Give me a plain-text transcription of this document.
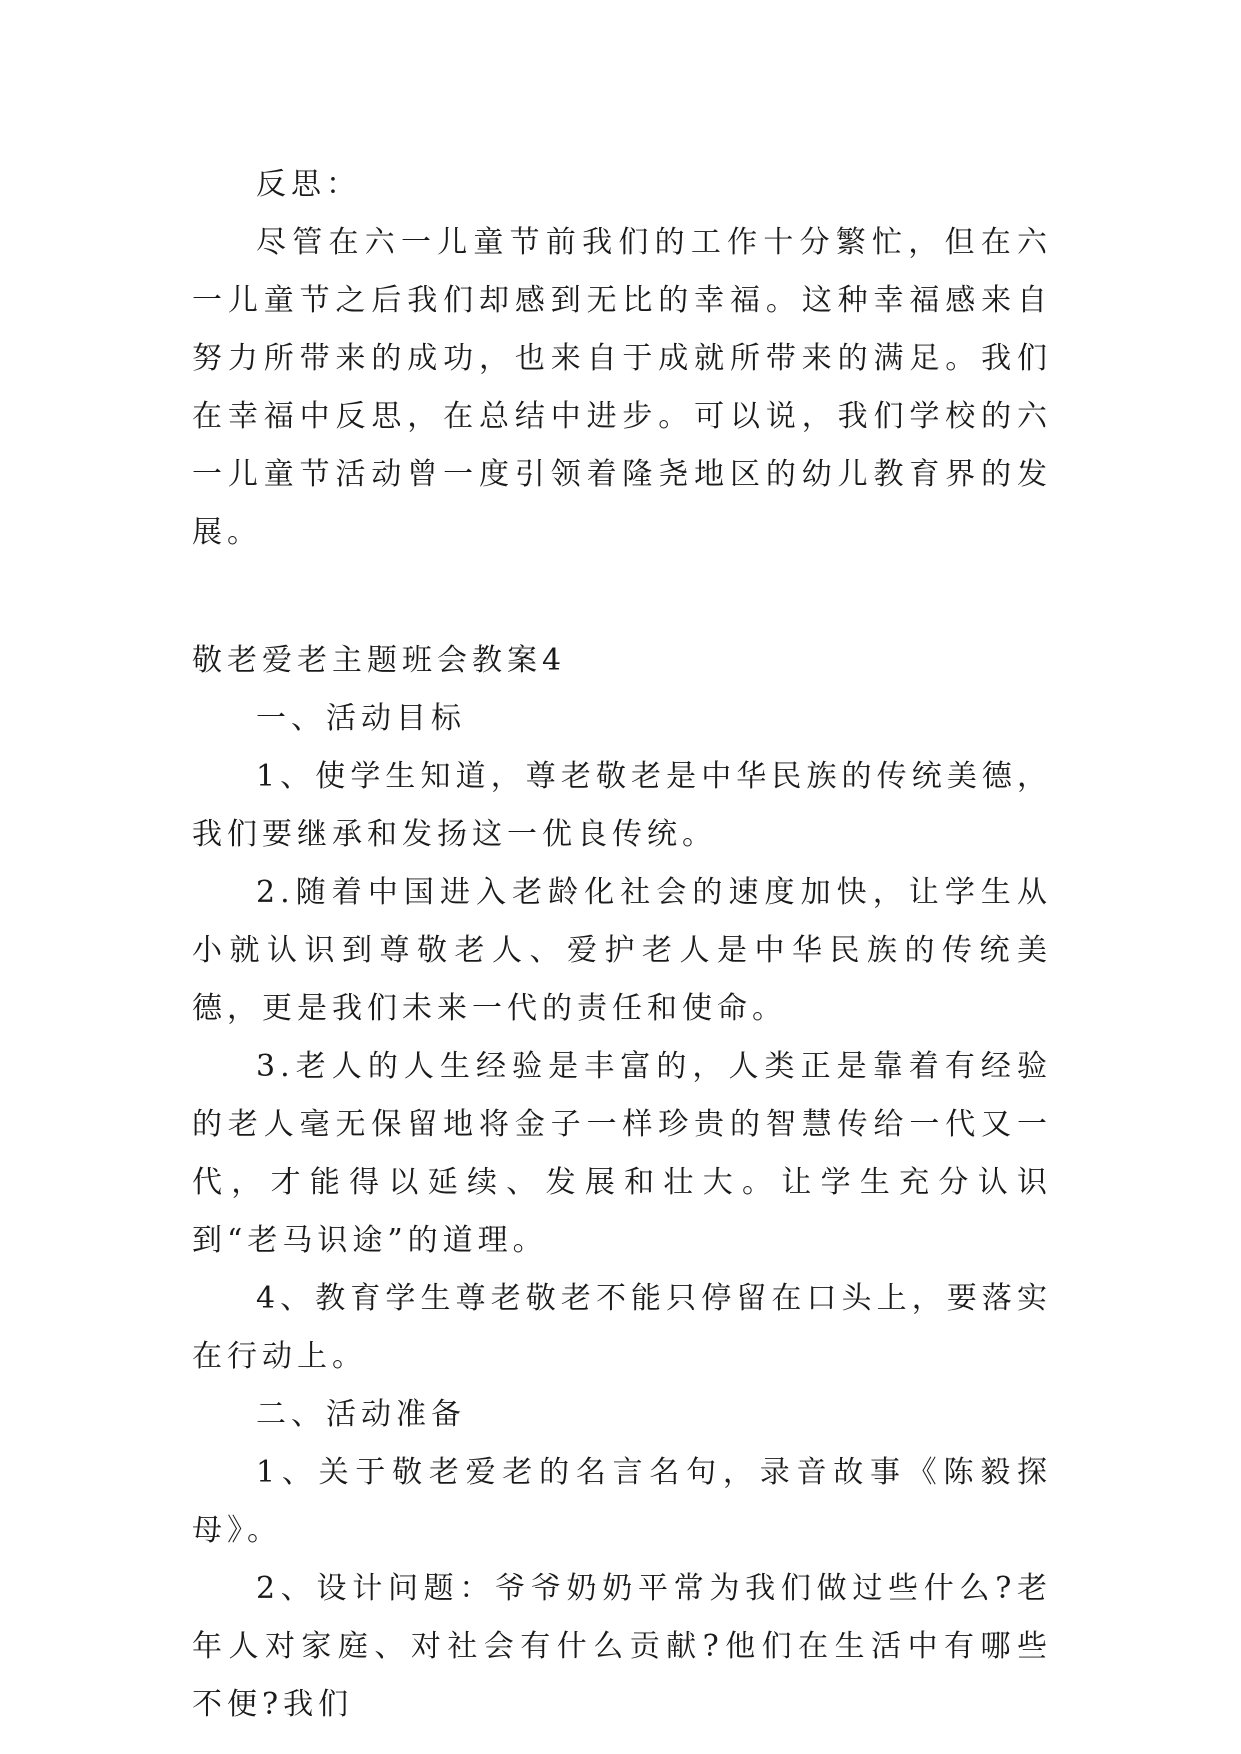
反思：

尽管在六一儿童节前我们的工作十分繁忙，但在六一儿童节之后我们却感到无比的幸福。这种幸福感来自努力所带来的成功，也来自于成就所带来的满足。我们在幸福中反思，在总结中进步。可以说，我们学校的六一儿童节活动曾一度引领着隆尧地区的幼儿教育界的发展。

敬老爱老主题班会教案4

一、活动目标

1、使学生知道，尊老敬老是中华民族的传统美德，我们要继承和发扬这一优良传统。

2.随着中国进入老龄化社会的速度加快，让学生从小就认识到尊敬老人、爱护老人是中华民族的传统美德，更是我们未来一代的责任和使命。

3.老人的人生经验是丰富的，人类正是靠着有经验的老人毫无保留地将金子一样珍贵的智慧传给一代又一代，才能得以延续、发展和壮大。让学生充分认识到“老马识途”的道理。

4、教育学生尊老敬老不能只停留在口头上，要落实在行动上。

二、活动准备

1、关于敬老爱老的名言名句，录音故事《陈毅探母》。

2、设计问题：爷爷奶奶平常为我们做过些什么?老年人对家庭、对社会有什么贡献?他们在生活中有哪些不便?我们
